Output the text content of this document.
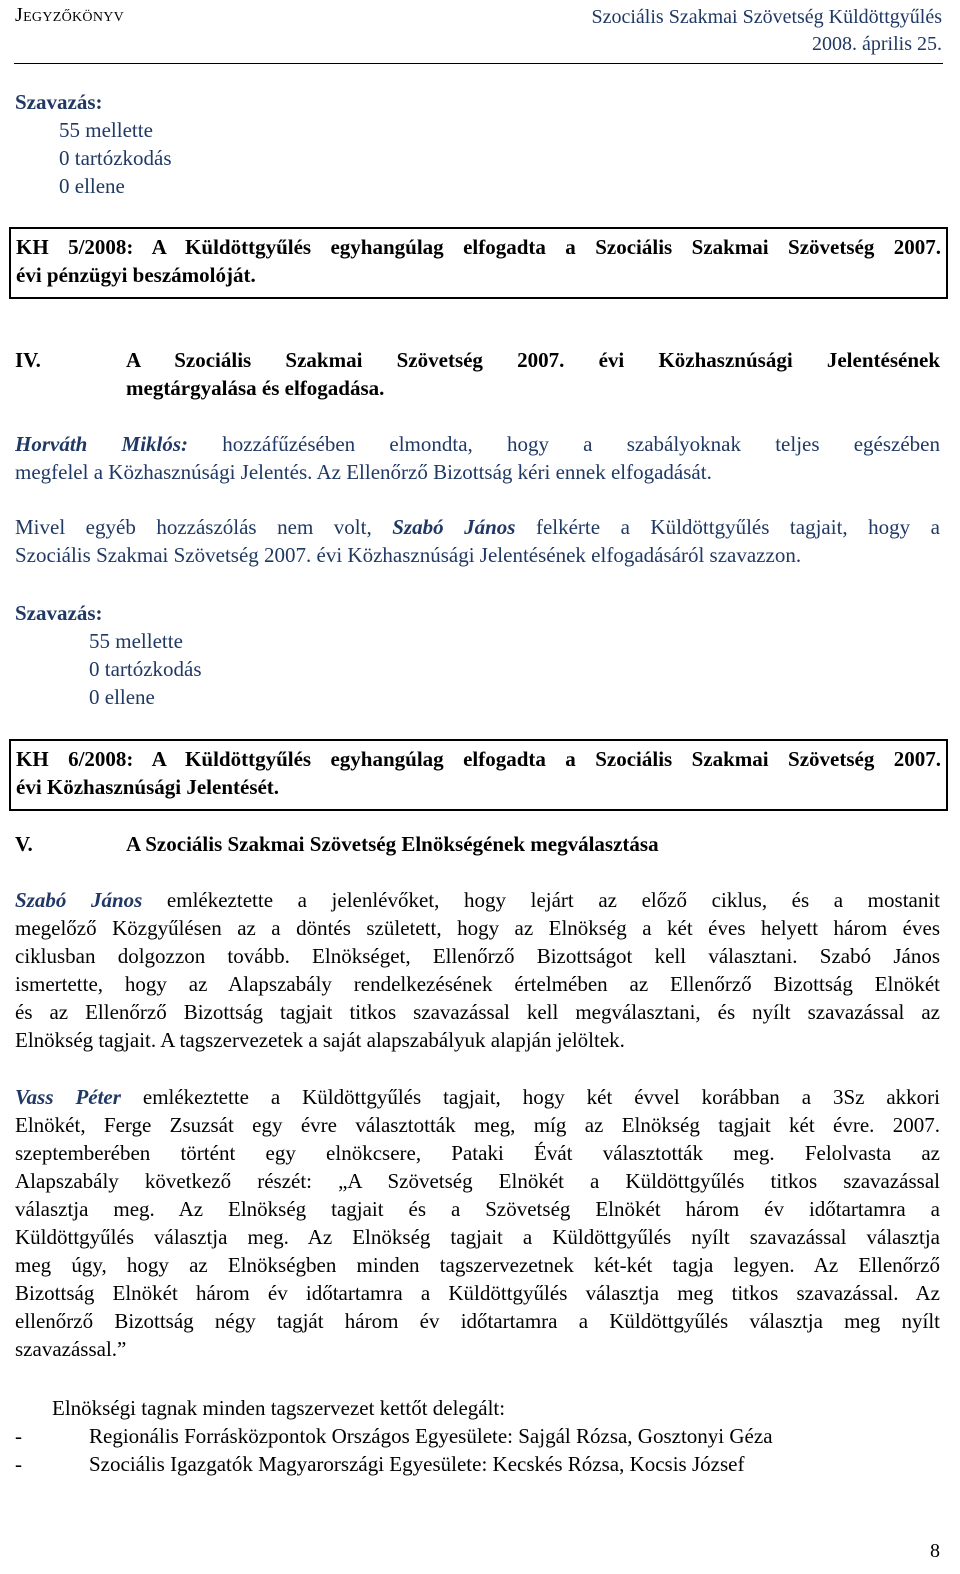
Jegyzőkönyv	Szociális Szakmai Szövetség Küldöttgyűlés
2008. április 25.
Szavazás:
55 mellette
0 tartózkodás
0 ellene
KH 5/2008: A Küldöttgyűlés egyhangúlag elfogadta a Szociális Szakmai Szövetség 2007.
évi pénzügyi beszámolóját.
IV.	A Szociális Szakmai Szövetség 2007. évi Közhasznúsági Jelentésének
megtárgyalása és elfogadása.
Horváth Miklós: hozzáfűzésében elmondta, hogy a szabályoknak teljes egészében
megfelel a Közhasznúsági Jelentés. Az Ellenőrző Bizottság kéri ennek elfogadását.
Mivel egyéb hozzászólás nem volt, Szabó János felkérte a Küldöttgyűlés tagjait, hogy a
Szociális Szakmai Szövetség 2007. évi Közhasznúsági Jelentésének elfogadásáról szavazzon.
Szavazás:
55 mellette
0 tartózkodás
0 ellene
KH 6/2008: A Küldöttgyűlés egyhangúlag elfogadta a Szociális Szakmai Szövetség 2007.
évi Közhasznúsági Jelentését.
V.	A Szociális Szakmai Szövetség Elnökségének megválasztása
Szabó János emlékeztette a jelenlévőket, hogy lejárt az előző ciklus, és a mostanit
megelőző Közgyűlésen az a döntés született, hogy az Elnökség a két éves helyett három éves
ciklusban dolgozzon tovább. Elnökséget, Ellenőrző Bizottságot kell választani. Szabó János
ismertette, hogy az Alapszabály rendelkezésének értelmében az Ellenőrző Bizottság Elnökét
és az Ellenőrző Bizottság tagjait titkos szavazással kell megválasztani, és nyílt szavazással az
Elnökség tagjait. A tagszervezetek a saját alapszabályuk alapján jelöltek.
Vass Péter emlékeztette a Küldöttgyűlés tagjait, hogy két évvel korábban a 3Sz akkori
Elnökét, Ferge Zsuzsát egy évre választották meg, míg az Elnökség tagjait két évre. 2007.
szeptemberében történt egy elnökcsere, Pataki Évát választották meg. Felolvasta az
Alapszabály következő részét: „A Szövetség Elnökét a Küldöttgyűlés titkos szavazással
választja meg. Az Elnökség tagjait és a Szövetség Elnökét három év időtartamra a
Küldöttgyűlés választja meg. Az Elnökség tagjait a Küldöttgyűlés nyílt szavazással választja
meg úgy, hogy az Elnökségben minden tagszervezetnek két-két tagja legyen. Az Ellenőrző
Bizottság Elnökét három év időtartamra a Küldöttgyűlés választja meg titkos szavazással. Az
ellenőrző Bizottság négy tagját három év időtartamra a Küldöttgyűlés választja meg nyílt
szavazással.”
Elnökségi tagnak minden tagszervezet kettőt delegált:
-	Regionális Forrásközpontok Országos Egyesülete: Sajgál Rózsa, Gosztonyi Géza
-	Szociális Igazgatók Magyarországi Egyesülete: Kecskés Rózsa, Kocsis József
8
